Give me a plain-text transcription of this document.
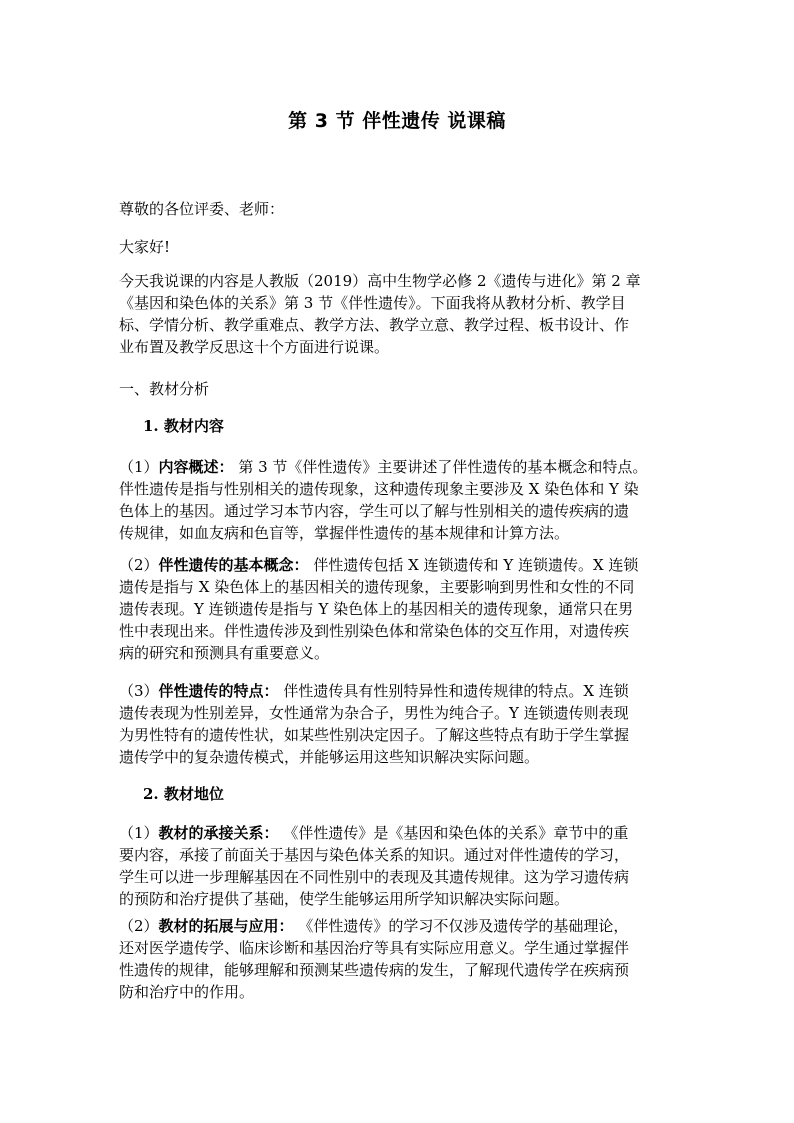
第 3 节 伴性遗传 说课稿
尊敬的各位评委、老师：
大家好!
今天我说课的内容是人教版（2019）高中生物学必修 2《遗传与进化》第 2 章
《基因和染色体的关系》第 3 节《伴性遗传》。下面我将从教材分析、教学目
标、学情分析、教学重难点、教学方法、教学立意、教学过程、板书设计、作
业布置及教学反思这十个方面进行说课。
一、教材分析
1. 教材内容
（1）内容概述： 第 3 节《伴性遗传》主要讲述了伴性遗传的基本概念和特点。
伴性遗传是指与性别相关的遗传现象，这种遗传现象主要涉及 X 染色体和 Y 染
色体上的基因。通过学习本节内容，学生可以了解与性别相关的遗传疾病的遗
传规律，如血友病和色盲等，掌握伴性遗传的基本规律和计算方法。
（2）伴性遗传的基本概念： 伴性遗传包括 X 连锁遗传和 Y 连锁遗传。X 连锁
遗传是指与 X 染色体上的基因相关的遗传现象，主要影响到男性和女性的不同
遗传表现。Y 连锁遗传是指与 Y 染色体上的基因相关的遗传现象，通常只在男
性中表现出来。伴性遗传涉及到性别染色体和常染色体的交互作用，对遗传疾
病的研究和预测具有重要意义。
（3）伴性遗传的特点： 伴性遗传具有性别特异性和遗传规律的特点。X 连锁
遗传表现为性别差异，女性通常为杂合子，男性为纯合子。Y 连锁遗传则表现
为男性特有的遗传性状，如某些性别决定因子。了解这些特点有助于学生掌握
遗传学中的复杂遗传模式，并能够运用这些知识解决实际问题。
2. 教材地位
（1）教材的承接关系： 《伴性遗传》是《基因和染色体的关系》章节中的重
要内容，承接了前面关于基因与染色体关系的知识。通过对伴性遗传的学习，
学生可以进一步理解基因在不同性别中的表现及其遗传规律。这为学习遗传病
的预防和治疗提供了基础，使学生能够运用所学知识解决实际问题。
（2）教材的拓展与应用： 《伴性遗传》的学习不仅涉及遗传学的基础理论，
还对医学遗传学、临床诊断和基因治疗等具有实际应用意义。学生通过掌握伴
性遗传的规律，能够理解和预测某些遗传病的发生，了解现代遗传学在疾病预
防和治疗中的作用。
